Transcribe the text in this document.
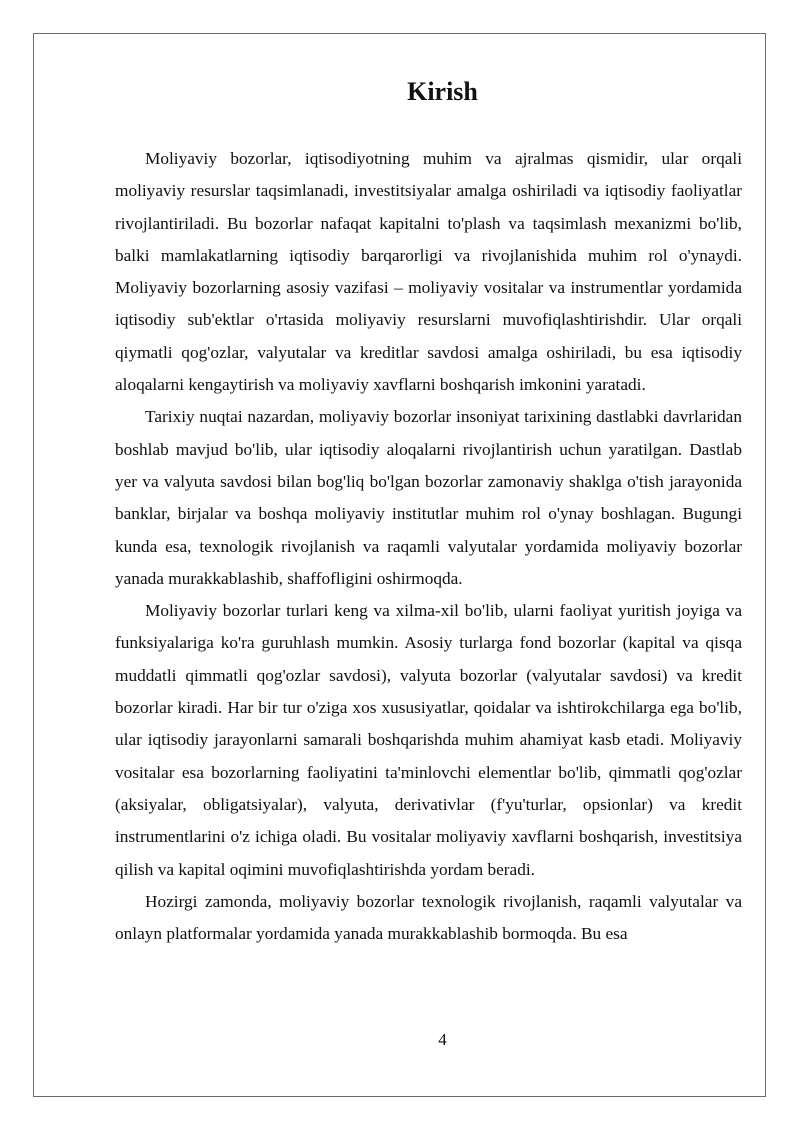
Kirish

Moliyaviy bozorlar, iqtisodiyotning muhim va ajralmas qismidir, ular orqali moliyaviy resurslar taqsimlanadi, investitsiyalar amalga oshiriladi va iqtisodiy faoliyatlar rivojlantiriladi. Bu bozorlar nafaqat kapitalni to'plash va taqsimlash mexanizmi bo'lib, balki mamlakatlarning iqtisodiy barqarorligi va rivojlanishida muhim rol o'ynaydi. Moliyaviy bozorlarning asosiy vazifasi – moliyaviy vositalar va instrumentlar yordamida iqtisodiy sub'ektlar o'rtasida moliyaviy resurslarni muvofiqlashtirishdir. Ular orqali qiymatli qog'ozlar, valyutalar va kreditlar savdosi amalga oshiriladi, bu esa iqtisodiy aloqalarni kengaytirish va moliyaviy xavflarni boshqarish imkonini yaratadi.

Tarixiy nuqtai nazardan, moliyaviy bozorlar insoniyat tarixining dastlabki davrlaridan boshlab mavjud bo'lib, ular iqtisodiy aloqalarni rivojlantirish uchun yaratilgan. Dastlab yer va valyuta savdosi bilan bog'liq bo'lgan bozorlar zamonaviy shaklga o'tish jarayonida banklar, birjalar va boshqa moliyaviy institutlar muhim rol o'ynay boshlagan. Bugungi kunda esa, texnologik rivojlanish va raqamli valyutalar yordamida moliyaviy bozorlar yanada murakkablashib, shaffofligini oshirmoqda.

Moliyaviy bozorlar turlari keng va xilma-xil bo'lib, ularni faoliyat yuritish joyiga va funksiyalariga ko'ra guruhlash mumkin. Asosiy turlarga fond bozorlar (kapital va qisqa muddatli qimmatli qog'ozlar savdosi), valyuta bozorlar (valyutalar savdosi) va kredit bozorlar kiradi. Har bir tur o'ziga xos xususiyatlar, qoidalar va ishtirokchilarga ega bo'lib, ular iqtisodiy jarayonlarni samarali boshqarishda muhim ahamiyat kasb etadi. Moliyaviy vositalar esa bozorlarning faoliyatini ta'minlovchi elementlar bo'lib, qimmatli qog'ozlar (aksiyalar, obligatsiyalar), valyuta, derivativlar (f'yu'turlar, opsionlar) va kredit instrumentlarini o'z ichiga oladi. Bu vositalar moliyaviy xavflarni boshqarish, investitsiya qilish va kapital oqimini muvofiqlashtirishda yordam beradi.

Hozirgi zamonda, moliyaviy bozorlar texnologik rivojlanish, raqamli valyutalar va onlayn platformalar yordamida yanada murakkablashib bormoqda. Bu esa

4
